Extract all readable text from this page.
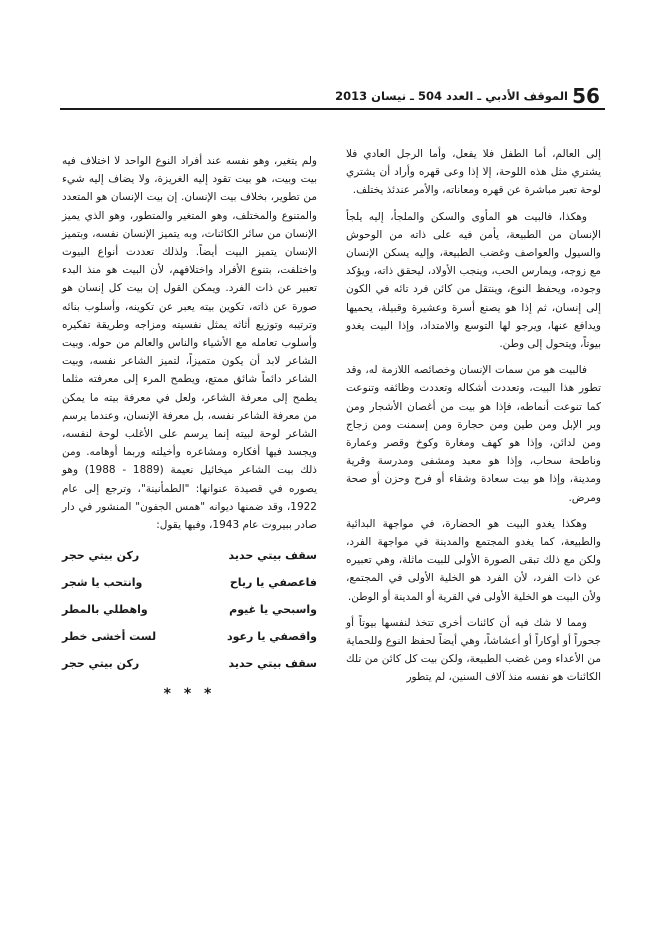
56
الموقف الأدبي ـ العدد 504 ـ نيسان 2013

إلى العالم، أما الطفل فلا يفعل، وأما الرجل العادي فلا يشتري مثل هذه اللوحة، إلا إذا وعى قهره وأراد أن يشتري لوحة تعبر مباشرة عن قهره ومعاناته، والأمر عندئذ يختلف.

وهكذا، فالبيت هو المأوى والسكن والملجأ، إليه يلجأ الإنسان من الطبيعة، يأمن فيه على ذاته من الوحوش والسيول والعواصف وغضب الطبيعة، وإليه يسكن الإنسان مع زوجه، ويمارس الحب، وينجب الأولاد، ليحقق ذاته، ويؤكد وجوده، ويحفظ النوع، وينتقل من كائن فرد تائه في الكون إلى إنسان، ثم إذا هو يصنع أسرة وعشيرة وقبيلة، يحميها ويدافع عنها، ويرجو لها التوسع والامتداد، وإذا البيت يغدو بيوتاً، ويتحول إلى وطن.

فالبيت هو من سمات الإنسان وخصائصه اللازمة له، وقد تطور هذا البيت، وتعددت أشكاله وتعددت وظائفه وتنوعت كما تنوعت أنماطه، فإذا هو بيت من أغصان الأشجار ومن وبر الإبل ومن طين ومن حجارة ومن إسمنت ومن زجاج ومن لدائن، وإذا هو كهف ومغارة وكوخ وقصر وعمارة وناطحة سحاب، وإذا هو معبد ومشفى ومدرسة وقرية ومدينة، وإذا هو بيت سعادة وشقاء أو فرح وحزن أو صحة ومرض.

وهكذا يغدو البيت هو الحضارة، في مواجهة البدائية والطبيعة، كما يغدو المجتمع والمدينة في مواجهة الفرد، ولكن مع ذلك تبقى الصورة الأولى للبيت ماثلة، وهي تعبيره عن ذات الفرد، لأن الفرد هو الخلية الأولى في المجتمع، ولأن البيت هو الخلية الأولى في القرية أو المدينة أو الوطن.

ومما لا شك فيه أن كائنات أخرى تتخذ لنفسها بيوتاً أو جحوراً أو أوكاراً أو أعشاشاً، وهي أيضاً لحفظ النوع وللحماية من الأعداء ومن غضب الطبيعة، ولكن بيت كل كائن من تلك الكائنات هو نفسه منذ آلاف السنين، لم يتطور

ولم يتغير، وهو نفسه عند أفراد النوع الواحد لا اختلاف فيه بيت وبيت، هو بيت تقود إليه الغريزة، ولا يضاف إليه شيء من تطوير، بخلاف بيت الإنسان. إن بيت الإنسان هو المتعدد والمتنوع والمختلف، وهو المتغير والمتطور، وهو الذي يميز الإنسان من سائر الكائنات، وبه يتميز الإنسان نفسه، وبتميز الإنسان يتميز البيت أيضاً. ولذلك تعددت أنواع البيوت واختلفت، بتنوع الأفراد واختلافهم، لأن البيت هو منذ البدء تعبير عن ذات الفرد. ويمكن القول إن بيت كل إنسان هو صورة عن ذاته، تكوين بيته يعبر عن تكوينه، وأسلوب بنائه وترتيبه وتوزيع أثاثه يمثل نفسيته ومزاجه وطريقة تفكيره وأسلوب تعامله مع الأشياء والناس والعالم من حوله. وبيت الشاعر لابد أن يكون متميزاً، لتميز الشاعر نفسه، وبيت الشاعر دائماً شائق ممتع، ويطمح المرء إلى معرفته مثلما يطمح إلى معرفة الشاعر، ولعل في معرفة بيته ما يمكن من معرفة الشاعر نفسه، بل معرفة الإنسان، وعندما يرسم الشاعر لوحة لبيته إنما يرسم على الأغلب لوحة لنفسه، ويجسد فيها أفكاره ومشاعره وأخيلته وربما أوهامه. ومن ذلك بيت الشاعر ميخائيل نعيمة (1889 - 1988) وهو يصوره في قصيدة عنوانها: "الطمأنينة"، وترجع إلى عام 1922، وقد ضمنها ديوانه "همس الجفون" المنشور في دار صادر ببيروت عام 1943، وفيها يقول:

سقف بيتي حديد
ركن بيتي حجر
فاعصفي يا رياح
وانتحب يا شجر
واسبحي يا غيوم
واهطلي بالمطر
واقصفي يا رعود
لست أخشى خطر
سقف بيتي حديد
ركن بيتي حجر
* * *
